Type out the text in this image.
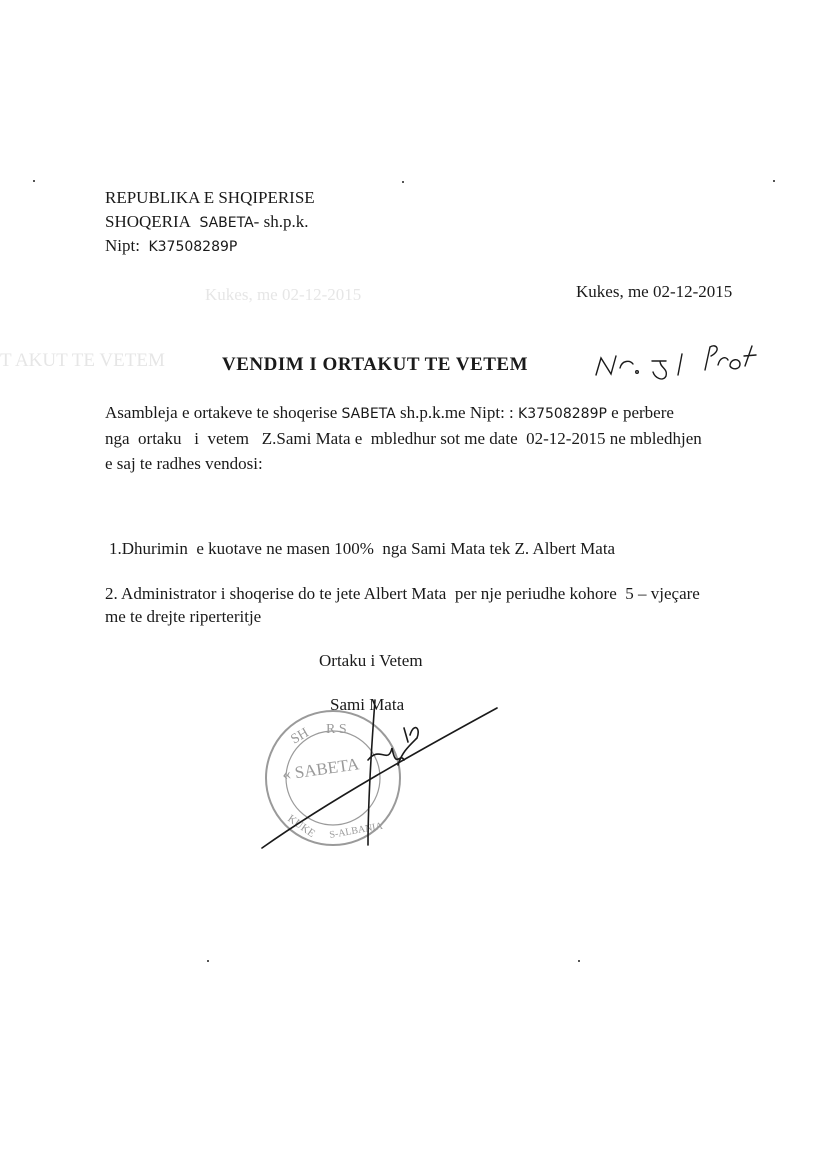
Kukes, me 02-12-2015
T AKUT TE VETEM
REPUBLIKA E SHQIPERISE
SHOQERIA SABETA- sh.p.k.
Nipt: K37508289P
Kukes, me 02-12-2015
VENDIM I ORTAKUT TE VETEM
Asambleja e ortakeve te shoqerise SABETA sh.p.k.me Nipt: : K37508289P e perbere
nga  ortaku   i  vetem   Z.Sami Mata e  mbledhur sot me date  02-12-2015 ne mbledhjen
e saj te radhes vendosi:
1.Dhurimin  e kuotave ne masen 100%  nga Sami Mata tek Z. Albert Mata
2. Administrator i shoqerise do te jete Albert Mata  per nje periudhe kohore  5 – vjeçare
me te drejte riperteritje
Ortaku i Vetem
Sami Mata
SH R S
« SABETA
KUKE S-ALBANIA
